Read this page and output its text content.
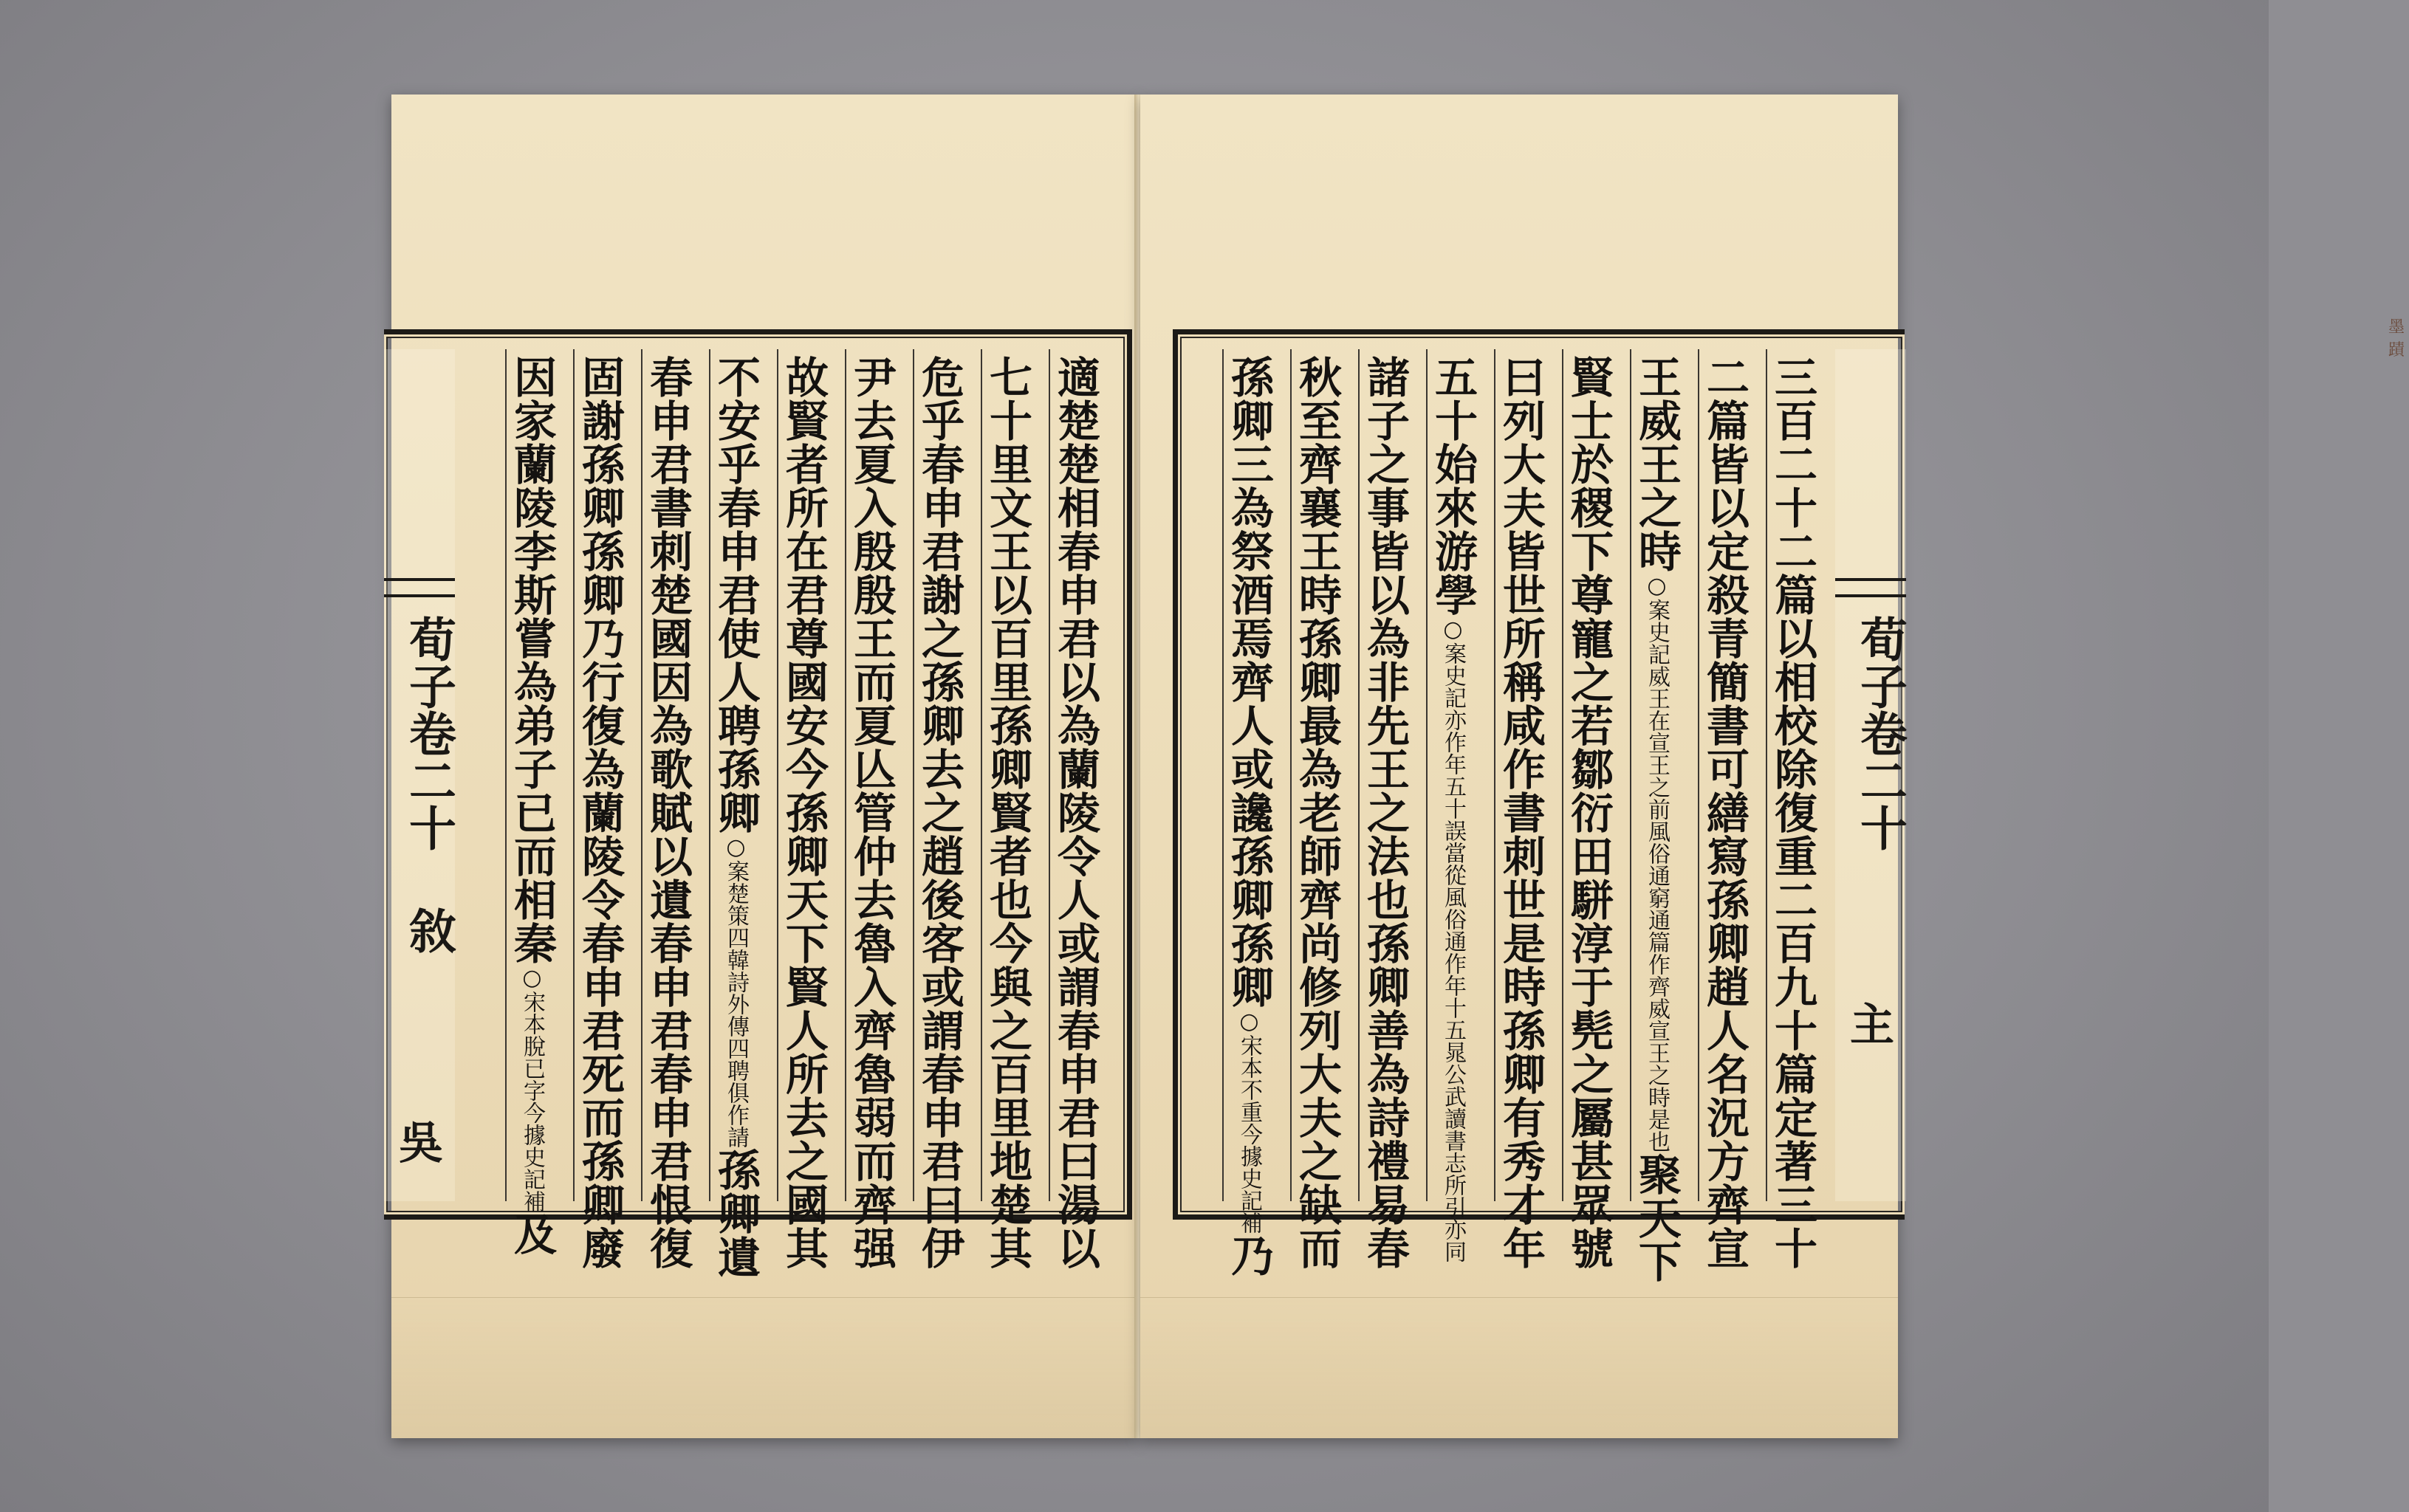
荀子卷二十 敘
吳	適楚楚相春申君以為蘭陵令人或謂春申君曰湯以
七十里文王以百里孫卿賢者也今與之百里地楚其
危乎春申君謝之孫卿去之趙後客或謂春申君曰伊
尹去夏入殷殷王而夏亾管仲去魯入齊魯弱而齊强
故賢者所在君尊國安今孫卿天下賢人所去之國其
不安乎春申君使人聘孫卿○案楚策四韓詩外傳四聘俱作請孫卿遺
春申君書刺楚國因為歌賦以遺春申君春申君恨復
固謝孫卿孫卿乃行復為蘭陵令春申君死而孫卿廢
因家蘭陵李斯嘗為弟子已而相秦○宋本脫已字今據史記補及
墨蹟
荀子卷二十
主
三百二十二篇以相校除復重二百九十篇定著三十
二篇皆以定殺青簡書可繕寫孫卿趙人名況方齊宣
王威王之時○案史記威王在宣王之前風俗通窮通篇作齊威宣王之時是也聚天下
賢士於稷下尊寵之若鄒衍田駢淳于髡之屬甚眾號
曰列大夫皆世所稱咸作書刺世是時孫卿有秀才年
五十始來游學○案史記亦作年五十誤當從風俗通作年十五晁公武讀書志所引亦同
諸子之事皆以為非先王之法也孫卿善為詩禮易春
秋至齊襄王時孫卿最為老師齊尚修列大夫之缺而
孫卿三為祭酒焉齊人或讒孫卿孫卿○宋本不重今據史記補乃
